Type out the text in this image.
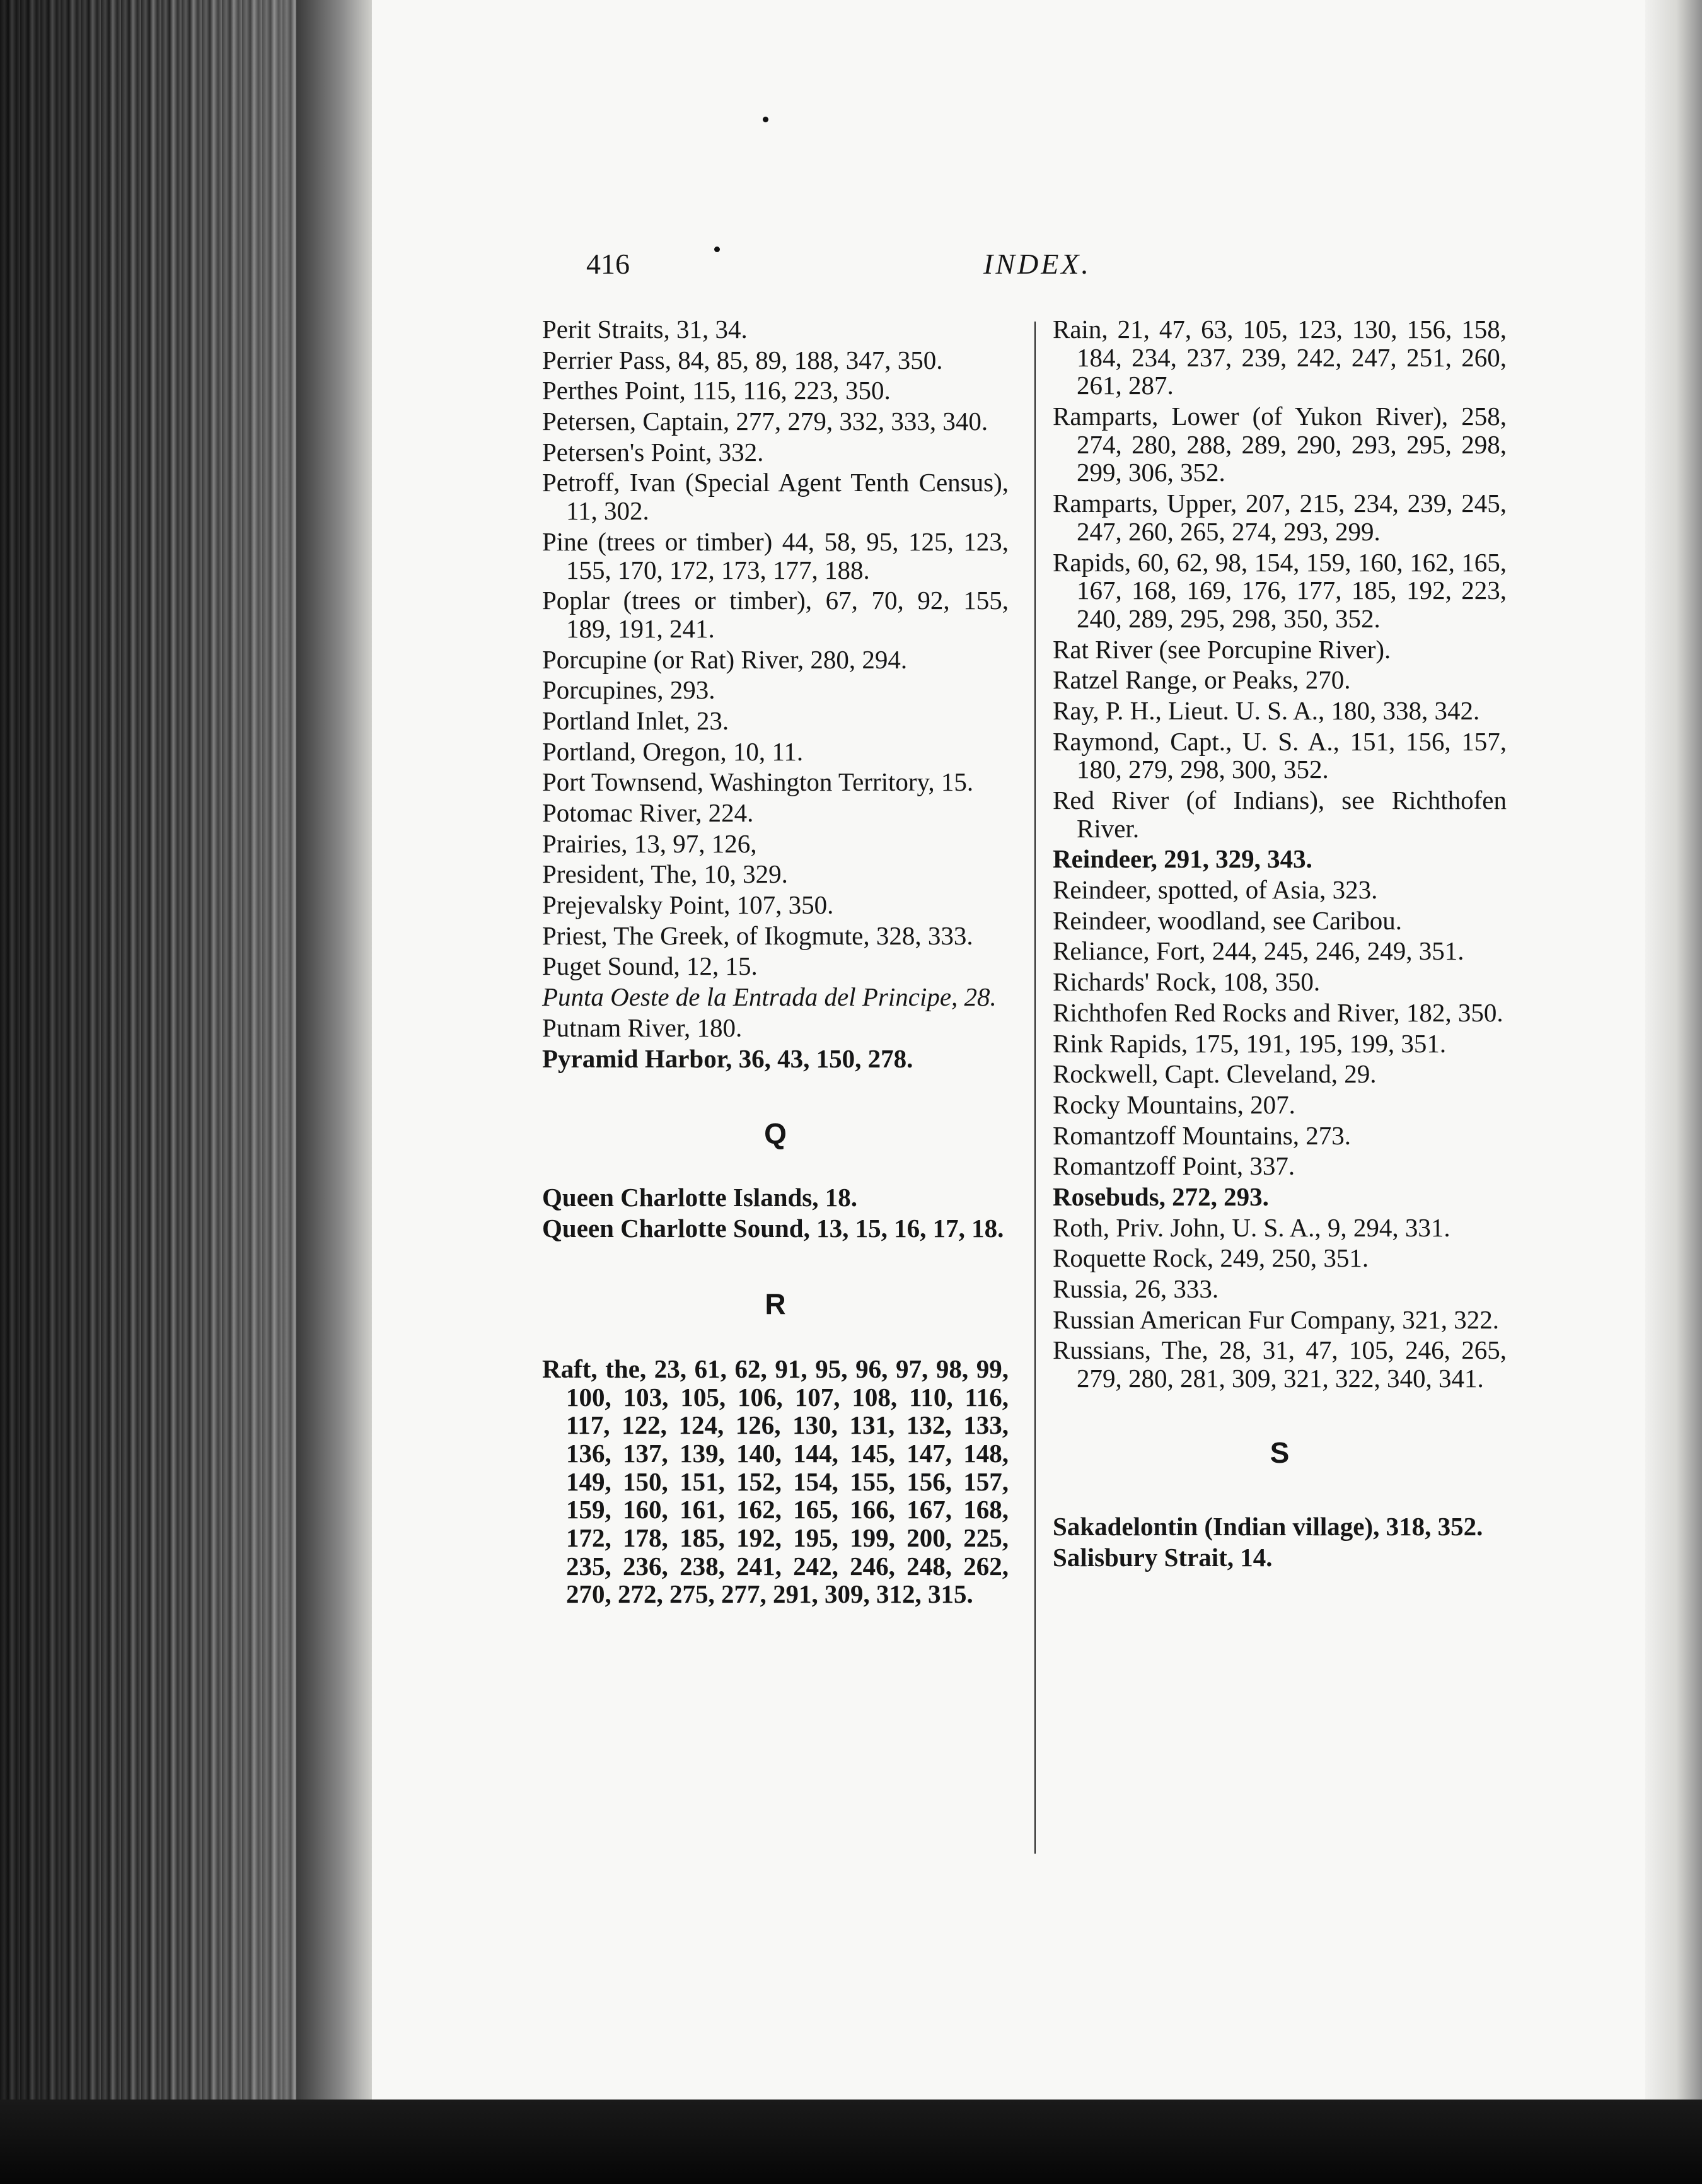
416	INDEX.
Perit Straits, 31, 34.
Perrier Pass, 84, 85, 89, 188, 347, 350.
Perthes Point, 115, 116, 223, 350.
Petersen, Captain, 277, 279, 332, 333, 340.
Petersen's Point, 332.
Petroff, Ivan (Special Agent Tenth Census), 11, 302.
Pine (trees or timber) 44, 58, 95, 125, 123, 155, 170, 172, 173, 177, 188.
Poplar (trees or timber), 67, 70, 92, 155, 189, 191, 241.
Porcupine (or Rat) River, 280, 294.
Porcupines, 293.
Portland Inlet, 23.
Portland, Oregon, 10, 11.
Port Townsend, Washington Territory, 15.
Potomac River, 224.
Prairies, 13, 97, 126,
President, The, 10, 329.
Prejevalsky Point, 107, 350.
Priest, The Greek, of Ikogmute, 328, 333.
Puget Sound, 12, 15.
Punta Oeste de la Entrada del Principe, 28.
Putnam River, 180.
Pyramid Harbor, 36, 43, 150, 278.
Q
Queen Charlotte Islands, 18.
Queen Charlotte Sound, 13, 15, 16, 17, 18.
R
Raft, the, 23, 61, 62, 91, 95, 96, 97, 98, 99, 100, 103, 105, 106, 107, 108, 110, 116, 117, 122, 124, 126, 130, 131, 132, 133, 136, 137, 139, 140, 144, 145, 147, 148, 149, 150, 151, 152, 154, 155, 156, 157, 159, 160, 161, 162, 165, 166, 167, 168, 172, 178, 185, 192, 195, 199, 200, 225, 235, 236, 238, 241, 242, 246, 248, 262, 270, 272, 275, 277, 291, 309, 312, 315.
Rain, 21, 47, 63, 105, 123, 130, 156, 158, 184, 234, 237, 239, 242, 247, 251, 260, 261, 287.
Ramparts, Lower (of Yukon River), 258, 274, 280, 288, 289, 290, 293, 295, 298, 299, 306, 352.
Ramparts, Upper, 207, 215, 234, 239, 245, 247, 260, 265, 274, 293, 299.
Rapids, 60, 62, 98, 154, 159, 160, 162, 165, 167, 168, 169, 176, 177, 185, 192, 223, 240, 289, 295, 298, 350, 352.
Rat River (see Porcupine River).
Ratzel Range, or Peaks, 270.
Ray, P. H., Lieut. U. S. A., 180, 338, 342.
Raymond, Capt., U. S. A., 151, 156, 157, 180, 279, 298, 300, 352.
Red River (of Indians), see Richthofen River.
Reindeer, 291, 329, 343.
Reindeer, spotted, of Asia, 323.
Reindeer, woodland, see Caribou.
Reliance, Fort, 244, 245, 246, 249, 351.
Richards' Rock, 108, 350.
Richthofen Red Rocks and River, 182, 350.
Rink Rapids, 175, 191, 195, 199, 351.
Rockwell, Capt. Cleveland, 29.
Rocky Mountains, 207.
Romantzoff Mountains, 273.
Romantzoff Point, 337.
Rosebuds, 272, 293.
Roth, Priv. John, U. S. A., 9, 294, 331.
Roquette Rock, 249, 250, 351.
Russia, 26, 333.
Russian American Fur Company, 321, 322.
Russians, The, 28, 31, 47, 105, 246, 265, 279, 280, 281, 309, 321, 322, 340, 341.
S
Sakadelontin (Indian village), 318, 352.
Salisbury Strait, 14.
